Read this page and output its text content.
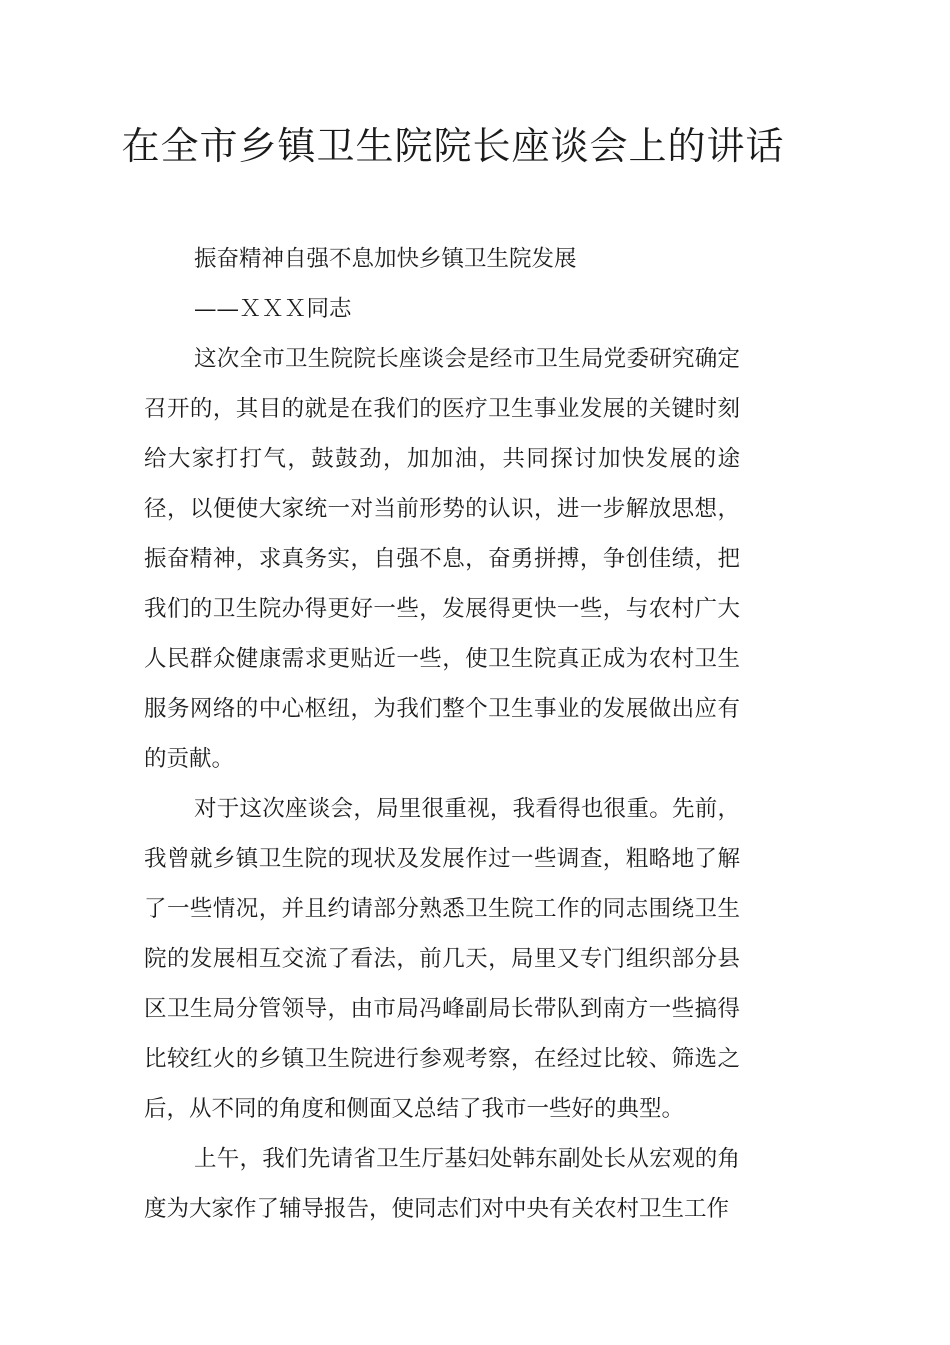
在全市乡镇卫生院院长座谈会上的讲话

振奋精神自强不息加快乡镇卫生院发展

——ＸＸＸ同志

这次全市卫生院院长座谈会是经市卫生局党委研究确定召开的，其目的就是在我们的医疗卫生事业发展的关键时刻给大家打打气，鼓鼓劲，加加油，共同探讨加快发展的途径，以便使大家统一对当前形势的认识，进一步解放思想，振奋精神，求真务实，自强不息，奋勇拼搏，争创佳绩，把我们的卫生院办得更好一些，发展得更快一些，与农村广大人民群众健康需求更贴近一些，使卫生院真正成为农村卫生服务网络的中心枢纽，为我们整个卫生事业的发展做出应有的贡献。

对于这次座谈会，局里很重视，我看得也很重。先前，我曾就乡镇卫生院的现状及发展作过一些调查，粗略地了解了一些情况，并且约请部分熟悉卫生院工作的同志围绕卫生院的发展相互交流了看法，前几天，局里又专门组织部分县区卫生局分管领导，由市局冯峰副局长带队到南方一些搞得比较红火的乡镇卫生院进行参观考察，在经过比较、筛选之后，从不同的角度和侧面又总结了我市一些好的典型。

上午，我们先请省卫生厅基妇处韩东副处长从宏观的角度为大家作了辅导报告，使同志们对中央有关农村卫生工作
